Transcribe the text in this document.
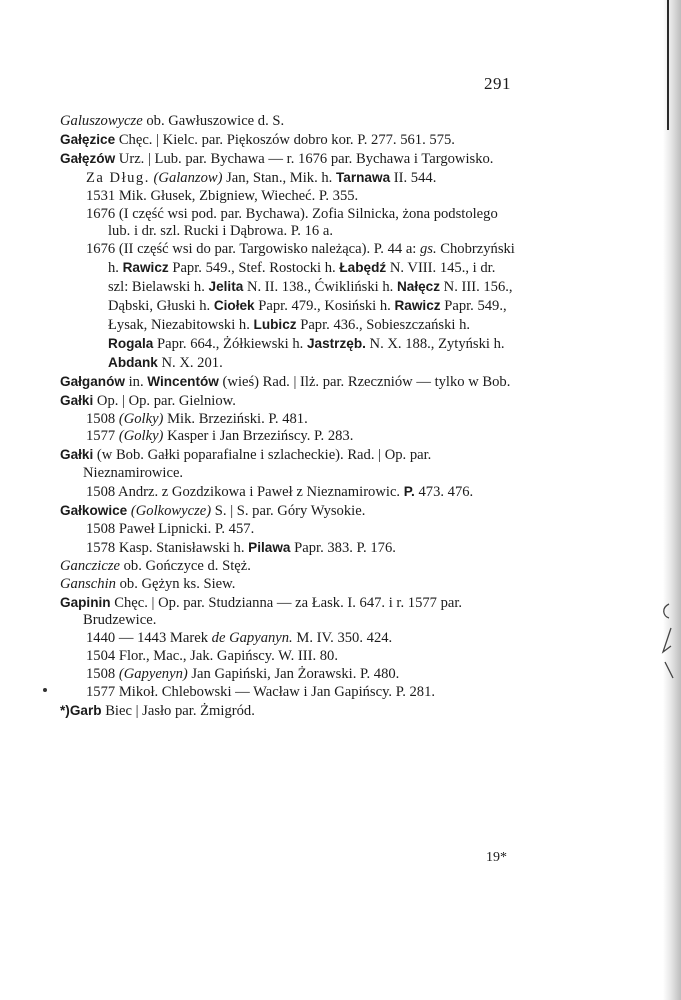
291

Galuszowycze ob. Gawłuszowice d. S.

Gałęzice Chęc. | Kielc. par. Piękoszów dobro kor. P. 277. 561. 575.

Gałęzów Urz. | Lub. par. Bychawa — r. 1676 par. Bychawa i Targowisko.

Za Dług. (Galanzow) Jan, Stan., Mik. h. Tarnawa II. 544.

1531 Mik. Głusek, Zbigniew, Wiecheć. P. 355.

1676 (I część wsi pod. par. Bychawa). Zofia Silnicka, żona podstolego lub. i dr. szl. Rucki i Dąbrowa. P. 16 a.

1676 (II część wsi do par. Targowisko należąca). P. 44 a: gs. Chobrzyński h. Rawicz Papr. 549., Stef. Rostocki h. Łabędź N. VIII. 145., i dr. szl: Bielawski h. Jelita N. II. 138., Ćwikliński h. Nałęcz N. III. 156., Dąbski, Głuski h. Ciołek Papr. 479., Kosiński h. Rawicz Papr. 549., Łysak, Niezabitowski h. Lubicz Papr. 436., Sobieszczański h. Rogala Papr. 664., Żółkiewski h. Jastrzęb. N. X. 188., Zytyński h. Abdank N. X. 201.

Gałganów in. Wincentów (wieś) Rad. | Ilż. par. Rzeczniów — tylko w Bob.

Gałki Op. | Op. par. Gielniow.

1508 (Golky) Mik. Brzeziński. P. 481.

1577 (Golky) Kasper i Jan Brzezińscy. P. 283.

Gałki (w Bob. Gałki poparafialne i szlacheckie). Rad. | Op. par. Nieznamirowice.

1508 Andrz. z Gozdzikowa i Paweł z Nieznamirowic. P. 473. 476.

Gałkowice (Golkowycze) S. | S. par. Góry Wysokie.

1508 Paweł Lipnicki. P. 457.

1578 Kasp. Stanisławski h. Pilawa Papr. 383. P. 176.

Ganczicze ob. Gończyce d. Stęż.

Ganschin ob. Gężyn ks. Siew.

Gapinin Chęc. | Op. par. Studzianna — za Łask. I. 647. i r. 1577 par. Brudzewice.

1440 — 1443 Marek de Gapyanyn. M. IV. 350. 424.

1504 Flor., Mac., Jak. Gapińscy. W. III. 80.

1508 (Gapyenyn) Jan Gapiński, Jan Żorawski. P. 480.

1577 Mikoł. Chlebowski — Wacław i Jan Gapińscy. P. 281.

*)Garb Biec | Jasło par. Żmigród.

19*
